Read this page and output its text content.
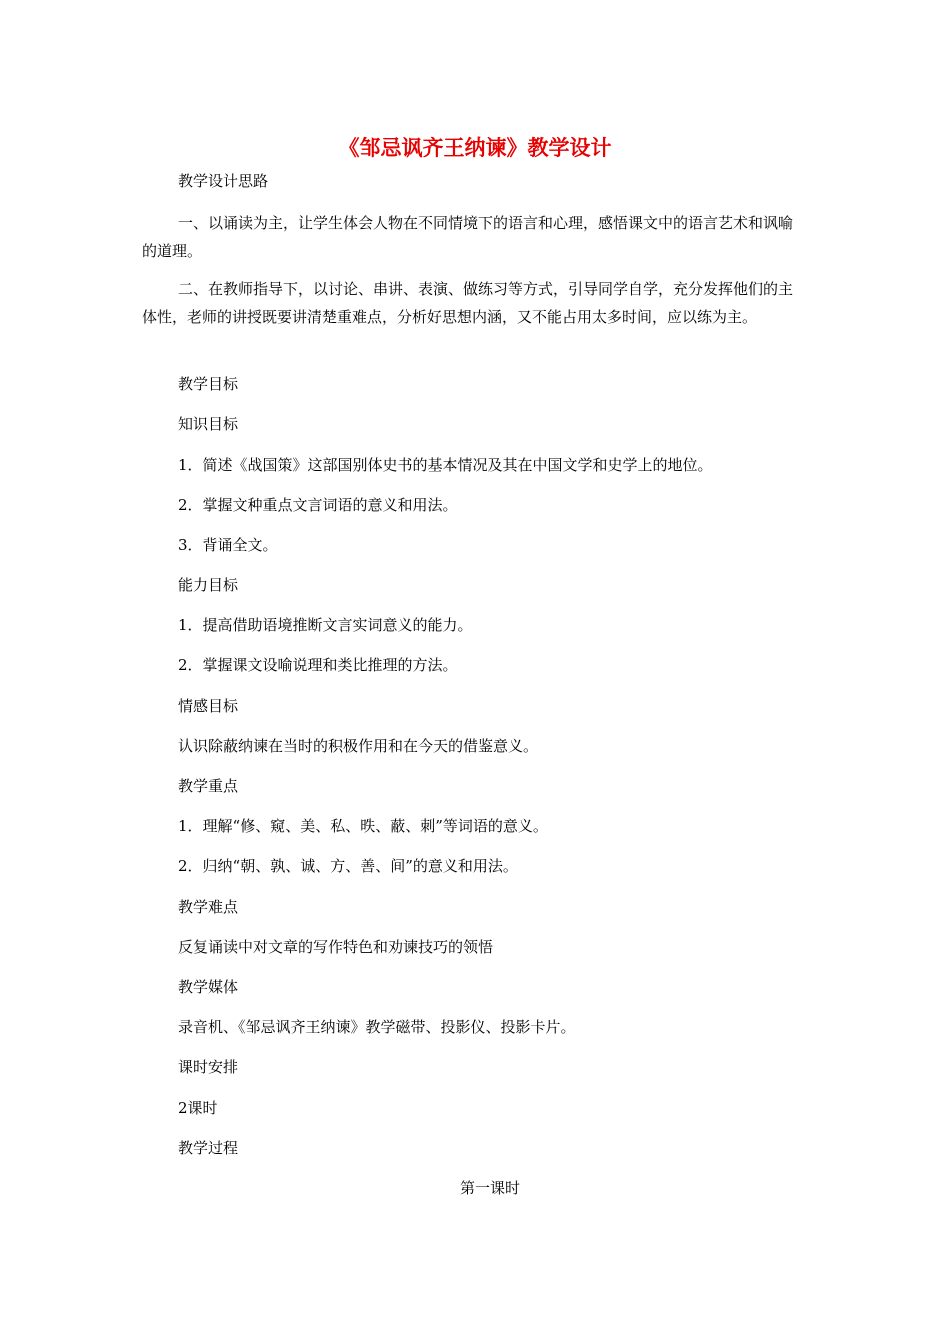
《邹忌讽齐王纳谏》教学设计
教学设计思路
一、以诵读为主，让学生体会人物在不同情境下的语言和心理，感悟课文中的语言艺术和讽喻的道理。
二、在教师指导下，以讨论、串讲、表演、做练习等方式，引导同学自学，充分发挥他们的主体性，老师的讲授既要讲清楚重难点，分析好思想内涵，又不能占用太多时间，应以练为主。
教学目标
知识目标
1．简述《战国策》这部国别体史书的基本情况及其在中国文学和史学上的地位。
2．掌握文种重点文言词语的意义和用法。
3．背诵全文。
能力目标
1．提高借助语境推断文言实词意义的能力。
2．掌握课文设喻说理和类比推理的方法。
情感目标
认识除蔽纳谏在当时的积极作用和在今天的借鉴意义。
教学重点
1．理解“修、窥、美、私、昳、蔽、刺”等词语的意义。
2．归纳“朝、孰、诚、方、善、间”的意义和用法。
教学难点
反复诵读中对文章的写作特色和劝谏技巧的领悟
教学媒体
录音机、《邹忌讽齐王纳谏》教学磁带、投影仪、投影卡片。
课时安排
2课时
教学过程
第一课时
